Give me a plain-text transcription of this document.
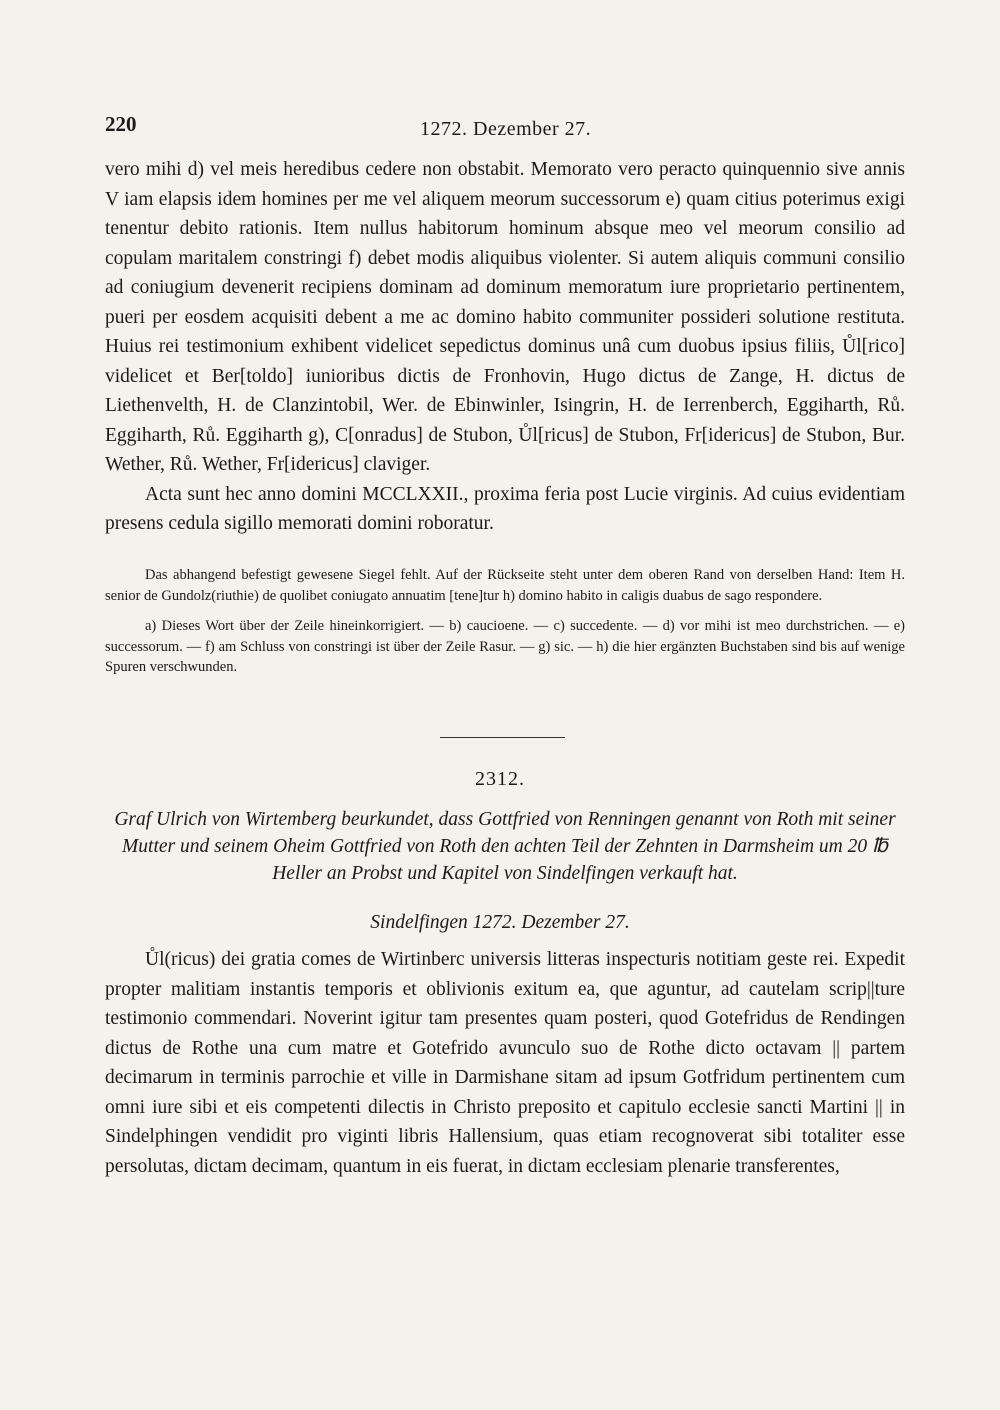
220	1272. Dezember 27.

vero mihi d) vel meis heredibus cedere non obstabit. Memorato vero peracto quinquennio sive annis V iam elapsis idem homines per me vel aliquem meorum successorum e) quam citius poterimus exigi tenentur debito rationis. Item nullus habitorum hominum absque meo vel meorum consilio ad copulam maritalem constringi f) debet modis aliquibus violenter. Si autem aliquis communi consilio ad coniugium devenerit recipiens dominam ad dominum memoratum iure proprietario pertinentem, pueri per eosdem acquisiti debent a me ac domino habito communiter possideri solutione restituta. Huius rei testimonium exhibent videlicet sepedictus dominus unâ cum duobus ipsius filiis, Ůl[rico] videlicet et Ber[toldo] iunioribus dictis de Fronhovin, Hugo dictus de Zange, H. dictus de Liethenvelth, H. de Clanzintobil, Wer. de Ebinwinler, Isingrin, H. de Ierrenberch, Eggiharth, Rů. Eggiharth, Rů. Eggiharth g), C[onradus] de Stubon, Ůl[ricus] de Stubon, Fr[idericus] de Stubon, Bur. Wether, Rů. Wether, Fr[idericus] claviger.

Acta sunt hec anno domini MCCLXXII., proxima feria post Lucie virginis. Ad cuius evidentiam presens cedula sigillo memorati domini roboratur.

Das abhangend befestigt gewesene Siegel fehlt. Auf der Rückseite steht unter dem oberen Rand von derselben Hand: Item H. senior de Gundolz(riuthie) de quolibet coniugato annuatim [tene]tur h) domino habito in caligis duabus de sago respondere.

a) Dieses Wort über der Zeile hineinkorrigiert. — b) caucioene. — c) succedente. — d) vor mihi ist meo durchstrichen. — e) successorum. — f) am Schluss von constringi ist über der Zeile Rasur. — g) sic. — h) die hier ergänzten Buchstaben sind bis auf wenige Spuren verschwunden.

2312.
Graf Ulrich von Wirtemberg beurkundet, dass Gottfried von Renningen genannt von Roth mit seiner Mutter und seinem Oheim Gottfried von Roth den achten Teil der Zehnten in Darmsheim um 20 ℔ Heller an Probst und Kapitel von Sindelfingen verkauft hat.
Sindelfingen 1272. Dezember 27.

Ůl(ricus) dei gratia comes de Wirtinberc universis litteras inspecturis notitiam geste rei. Expedit propter malitiam instantis temporis et oblivionis exitum ea, que aguntur, ad cautelam scrip||ture testimonio commendari. Noverint igitur tam presentes quam posteri, quod Gotefridus de Rendingen dictus de Rothe una cum matre et Gotefrido avunculo suo de Rothe dicto octavam || partem decimarum in terminis parrochie et ville in Darmishane sitam ad ipsum Gotfridum pertinentem cum omni iure sibi et eis competenti dilectis in Christo preposito et capitulo ecclesie sancti Martini || in Sindelphingen vendidit pro viginti libris Hallensium, quas etiam recognoverat sibi totaliter esse persolutas, dictam decimam, quantum in eis fuerat, in dictam ecclesiam plenarie transferentes,
